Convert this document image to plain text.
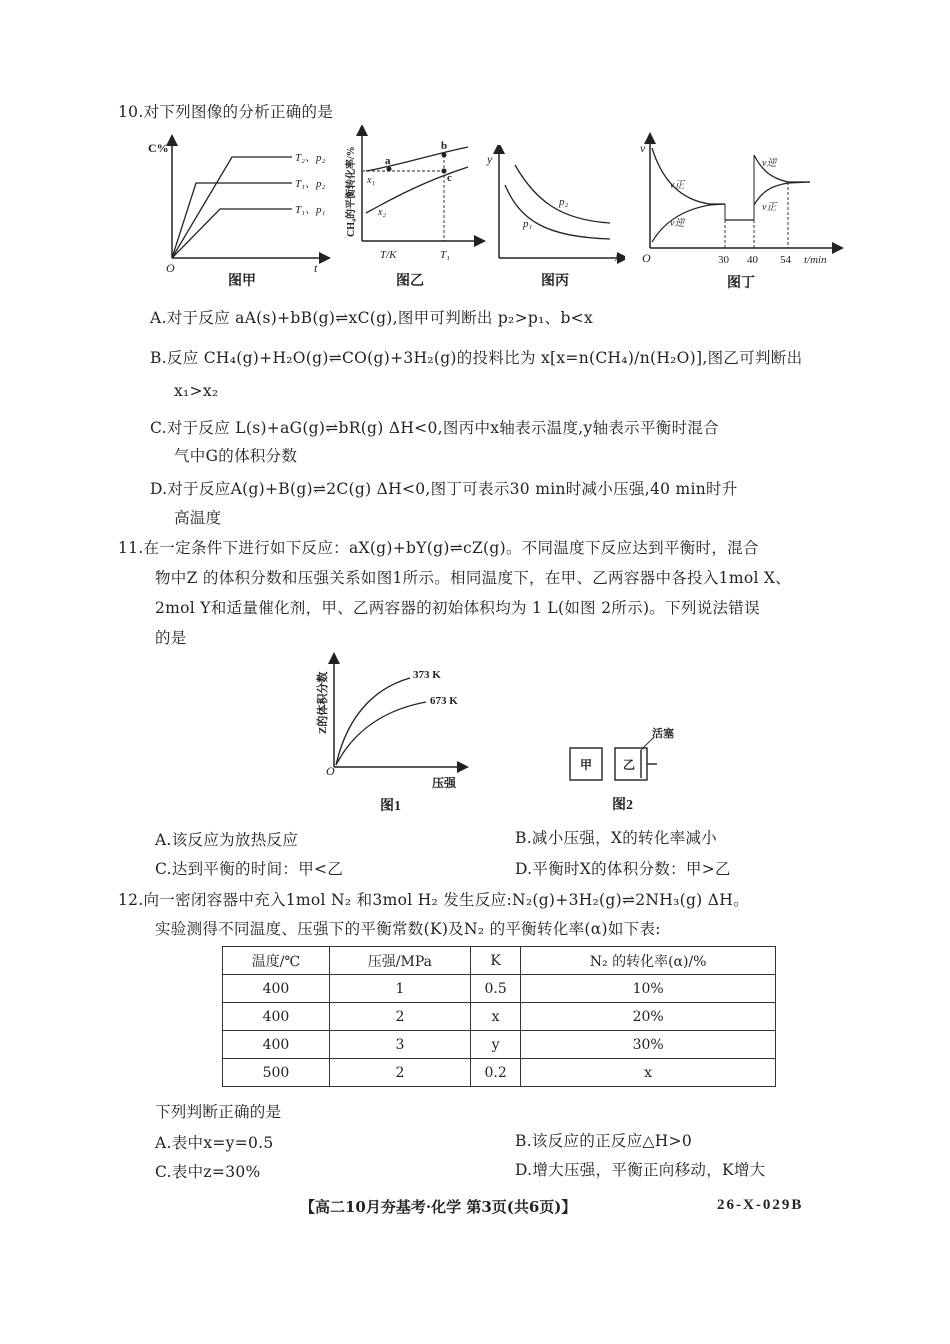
10.对下列图像的分析正确的是
C%
O	t
T₂、p₂
T₁、p₂
T₁、p₁
图甲
CH₄的平衡转化率/%	a
b
c
x₁
x₂
T/K	T₁
图乙
y
p₂
p₁
x
图丙
v
O
v正
v逆
v逆
v正
30 40 54 t/min
图丁
A.对于反应 aA(s)+bB(g)⇌xC(g),图甲可判断出 p₂>p₁、b<x
B.反应 CH₄(g)+H₂O(g)⇌CO(g)+3H₂(g)的投料比为 x[x=n(CH₄)/n(H₂O)],图乙可判断出
x₁>x₂
C.对于反应 L(s)+aG(g)⇌bR(g) ΔH<0,图丙中x轴表示温度,y轴表示平衡时混合
气中G的体积分数
D.对于反应A(g)+B(g)⇌2C(g) ΔH<0,图丁可表示30 min时减小压强,40 min时升
高温度
11.在一定条件下进行如下反应：aX(g)+bY(g)⇌cZ(g)。不同温度下反应达到平衡时，混合
物中Z 的体积分数和压强关系如图1所示。相同温度下，在甲、乙两容器中各投入1mol X、
2mol Y和适量催化剂，甲、乙两容器的初始体积均为 1 L(如图 2所示)。下列说法错误
的是
Z的体积分数
O
压强
373 K
673 K
图1
甲	乙
活塞
图2
A.该反应为放热反应	B.减小压强，X的转化率减小
C.达到平衡的时间：甲<乙	D.平衡时X的体积分数：甲>乙
12.向一密闭容器中充入1mol N₂ 和3mol H₂ 发生反应:N₂(g)+3H₂(g)⇌2NH₃(g) ΔH。
实验测得不同温度、压强下的平衡常数(K)及N₂ 的平衡转化率(α)如下表:
温度/℃	压强/MPa	K	N₂ 的转化率(α)/%
400	1	0.5	10%
400	2	x	20%
400	3	y	30%
500	2	0.2	x
下列判断正确的是
A.表中x=y=0.5	B.该反应的正反应△H>0
C.表中z=30%	D.增大压强，平衡正向移动，K增大
【高二10月夯基考·化学 第3页(共6页)】	26-X-029B
